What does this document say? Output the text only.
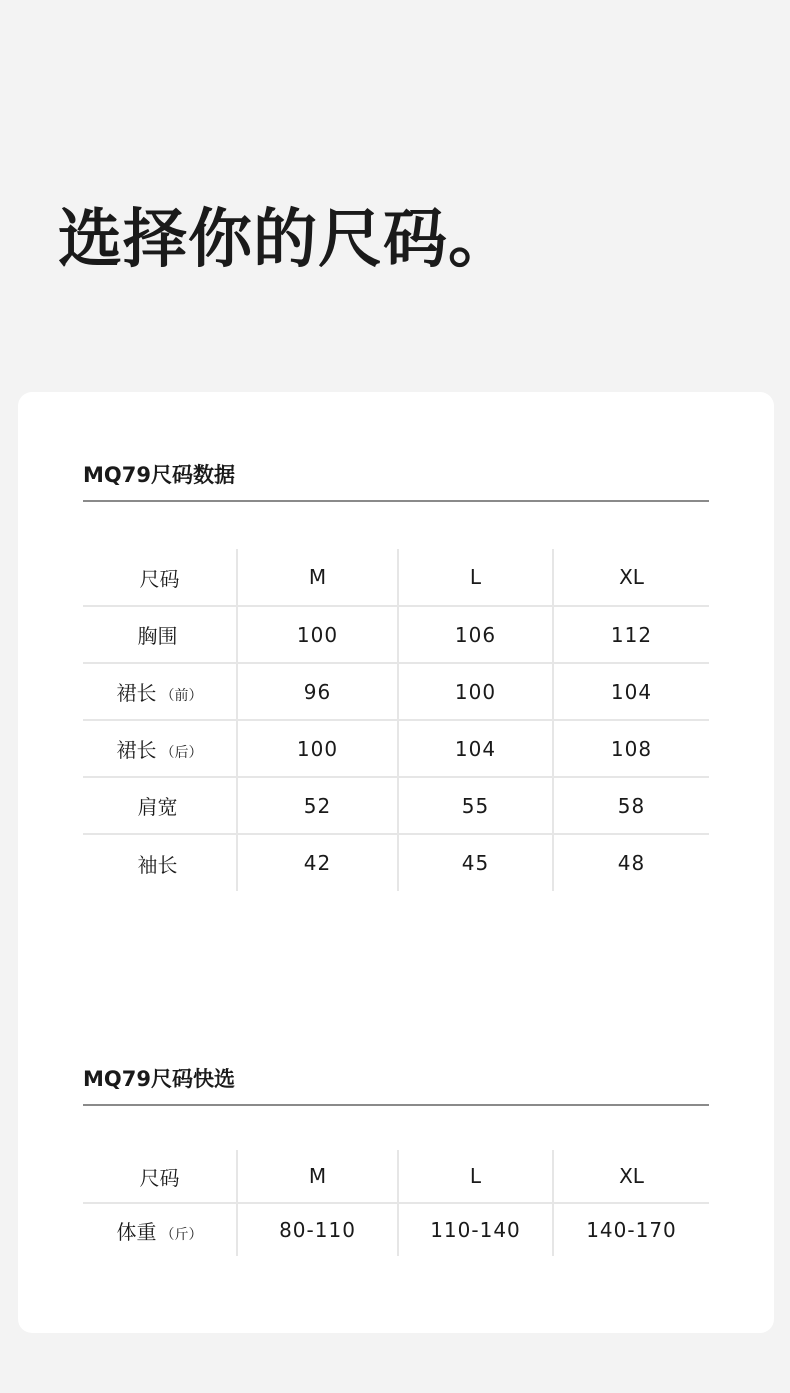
选择你的尺码。
MQ79尺码数据
尺码	M	L	XL
胸围	100	106	112
裙长 （前）	96	100	104
裙长 （后）	100	104	108
肩宽	52	55	58
袖长	42	45	48
MQ79尺码快选
尺码	M	L	XL
体重 （斤）	80-110	110-140	140-170
